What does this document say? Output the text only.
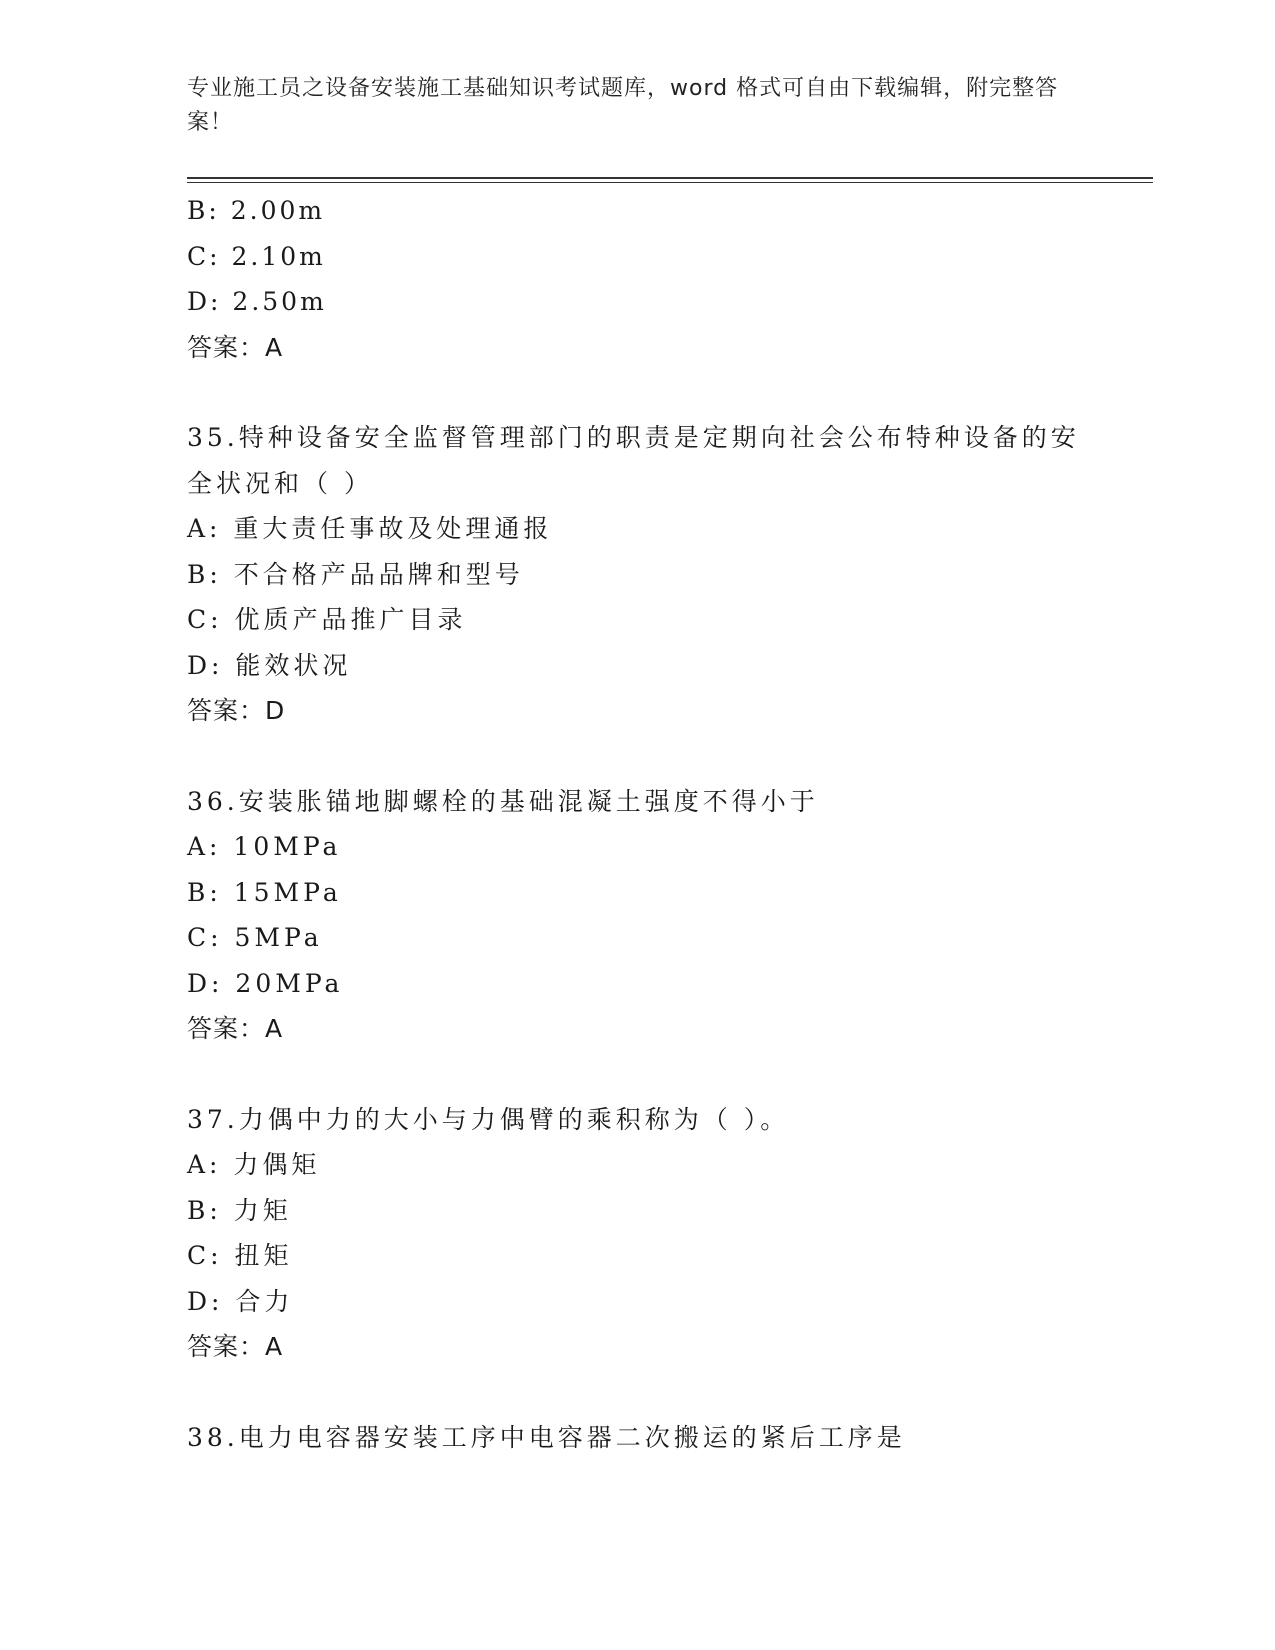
专业施工员之设备安装施工基础知识考试题库，word 格式可自由下载编辑，附完整答案！
B: 2.00m
C: 2.10m
D: 2.50m
答案：A
35.特种设备安全监督管理部门的职责是定期向社会公布特种设备的安
全状况和（ ）
A: 重大责任事故及处理通报
B: 不合格产品品牌和型号
C: 优质产品推广目录
D: 能效状况
答案：D
36.安装胀锚地脚螺栓的基础混凝土强度不得小于
A: 10MPa
B: 15MPa
C: 5MPa
D: 20MPa
答案：A
37.力偶中力的大小与力偶臂的乘积称为（ ）。
A: 力偶矩
B: 力矩
C: 扭矩
D: 合力
答案：A
38.电力电容器安装工序中电容器二次搬运的紧后工序是
